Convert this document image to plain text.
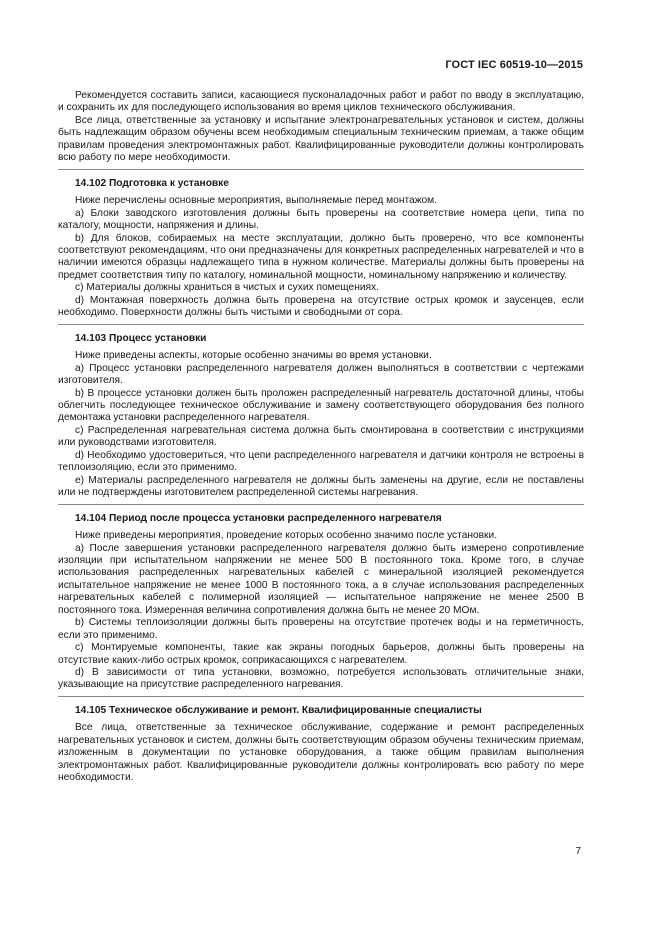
ГОСТ IEC 60519-10—2015

Рекомендуется составить записи, касающиеся пусконаладочных работ и работ по вводу в эксплуатацию, и сохранить их для последующего использования во время циклов технического обслуживания.

Все лица, ответственные за установку и испытание электронагревательных установок и систем, должны быть надлежащим образом обучены всем необходимым специальным техническим приемам, а также общим правилам проведения электромонтажных работ. Квалифицированные руководители должны контролировать всю работу по мере необходимости.

14.102 Подготовка к установке

Ниже перечислены основные мероприятия, выполняемые перед монтажом.

a) Блоки заводского изготовления должны быть проверены на соответствие номера цепи, типа по каталогу, мощности, напряжения и длины.

b) Для блоков, собираемых на месте эксплуатации, должно быть проверено, что все компоненты соответствуют рекомендациям, что они предназначены для конкретных распределенных нагревателей и что в наличии имеются образцы надлежащего типа в нужном количестве. Материалы должны быть проверены на предмет соответствия типу по каталогу, номинальной мощности, номинальному напряжению и количеству.

c) Материалы должны храниться в чистых и сухих помещениях.

d) Монтажная поверхность должна быть проверена на отсутствие острых кромок и заусенцев, если необходимо. Поверхности должны быть чистыми и свободными от сора.

14.103 Процесс установки

Ниже приведены аспекты, которые особенно значимы во время установки.

a) Процесс установки распределенного нагревателя должен выполняться в соответствии с чертежами изготовителя.

b) В процессе установки должен быть проложен распределенный нагреватель достаточной длины, чтобы облегчить последующее техническое обслуживание и замену соответствующего оборудования без полного демонтажа установки распределенного нагревателя.

c) Распределенная нагревательная система должна быть смонтирована в соответствии с инструкциями или руководствами изготовителя.

d) Необходимо удостовериться, что цепи распределенного нагревателя и датчики контроля не встроены в теплоизоляцию, если это применимо.

e) Материалы распределенного нагревателя не должны быть заменены на другие, если не поставлены или не подтверждены изготовителем распределенной системы нагревания.

14.104 Период после процесса установки распределенного нагревателя

Ниже приведены мероприятия, проведение которых особенно значимо после установки.

a) После завершения установки распределенного нагревателя должно быть измерено сопротивление изоляции при испытательном напряжении не менее 500 В постоянного тока. Кроме того, в случае использования распределенных нагревательных кабелей с минеральной изоляцией рекомендуется испытательное напряжение не менее 1000 В постоянного тока, а в случае использования распределенных нагревательных кабелей с полимерной изоляцией — испытательное напряжение не менее 2500 В постоянного тока. Измеренная величина сопротивления должна быть не менее 20 МОм.

b) Системы теплоизоляции должны быть проверены на отсутствие протечек воды и на герметичность, если это применимо.

c) Монтируемые компоненты, такие как экраны погодных барьеров, должны быть проверены на отсутствие каких-либо острых кромок, соприкасающихся с нагревателем.

d) В зависимости от типа установки, возможно, потребуется использовать отличительные знаки, указывающие на присутствие распределенного нагревания.

14.105 Техническое обслуживание и ремонт. Квалифицированные специалисты

Все лица, ответственные за техническое обслуживание, содержание и ремонт распределенных нагревательных установок и систем, должны быть соответствующим образом обучены техническим приемам, изложенным в документации по установке оборудования, а также общим правилам выполнения электромонтажных работ. Квалифицированные руководители должны контролировать всю работу по мере необходимости.

7
